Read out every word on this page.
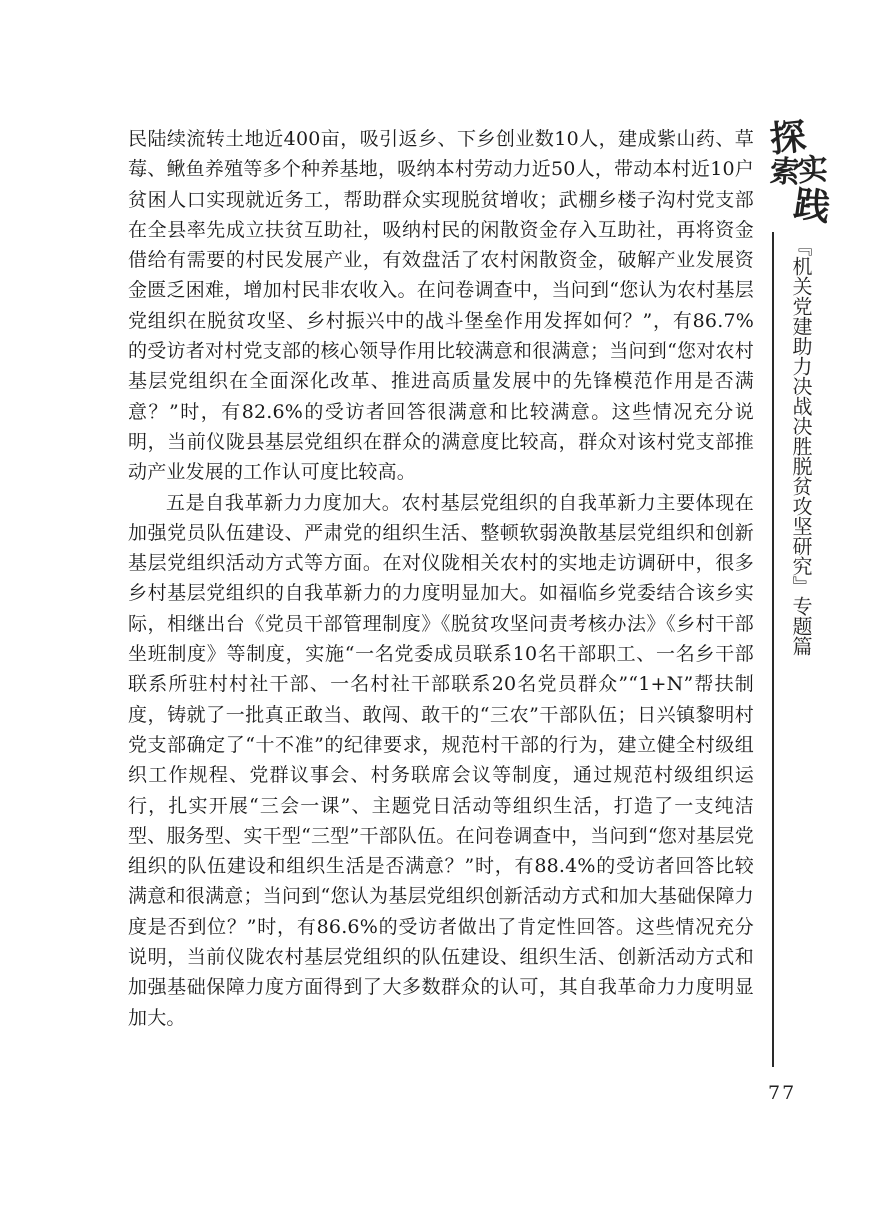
民陆续流转土地近400亩，吸引返乡、下乡创业数10人，建成紫山药、草莓、鳅鱼养殖等多个种养基地，吸纳本村劳动力近50人，带动本村近10户贫困人口实现就近务工，帮助群众实现脱贫增收；武棚乡楼子沟村党支部在全县率先成立扶贫互助社，吸纳村民的闲散资金存入互助社，再将资金借给有需要的村民发展产业，有效盘活了农村闲散资金，破解产业发展资金匮乏困难，增加村民非农收入。在问卷调查中，当问到“您认为农村基层党组织在脱贫攻坚、乡村振兴中的战斗堡垒作用发挥如何？”，有86.7%的受访者对村党支部的核心领导作用比较满意和很满意；当问到“您对农村基层党组织在全面深化改革、推进高质量发展中的先锋模范作用是否满意？”时，有82.6%的受访者回答很满意和比较满意。这些情况充分说明，当前仪陇县基层党组织在群众的满意度比较高，群众对该村党支部推动产业发展的工作认可度比较高。

五是自我革新力力度加大。农村基层党组织的自我革新力主要体现在加强党员队伍建设、严肃党的组织生活、整顿软弱涣散基层党组织和创新基层党组织活动方式等方面。在对仪陇相关农村的实地走访调研中，很多乡村基层党组织的自我革新力的力度明显加大。如福临乡党委结合该乡实际，相继出台《党员干部管理制度》《脱贫攻坚问责考核办法》《乡村干部坐班制度》等制度，实施“一名党委成员联系10名干部职工、一名乡干部联系所驻村村社干部、一名村社干部联系20名党员群众”“1+N”帮扶制度，铸就了一批真正敢当、敢闯、敢干的“三农”干部队伍；日兴镇黎明村党支部确定了“十不准”的纪律要求，规范村干部的行为，建立健全村级组织工作规程、党群议事会、村务联席会议等制度，通过规范村级组织运行，扎实开展“三会一课”、主题党日活动等组织生活，打造了一支纯洁型、服务型、实干型“三型”干部队伍。在问卷调查中，当问到“您对基层党组织的队伍建设和组织生活是否满意？”时，有88.4%的受访者回答比较满意和很满意；当问到“您认为基层党组织创新活动方式和加大基础保障力度是否到位？”时，有86.6%的受访者做出了肯定性回答。这些情况充分说明，当前仪陇农村基层党组织的队伍建设、组织生活、创新活动方式和加强基础保障力度方面得到了大多数群众的认可，其自我革命力力度明显加大。

探
索
实
践
『机关党建助力决战决胜脱贫攻坚研究』专题篇
77
